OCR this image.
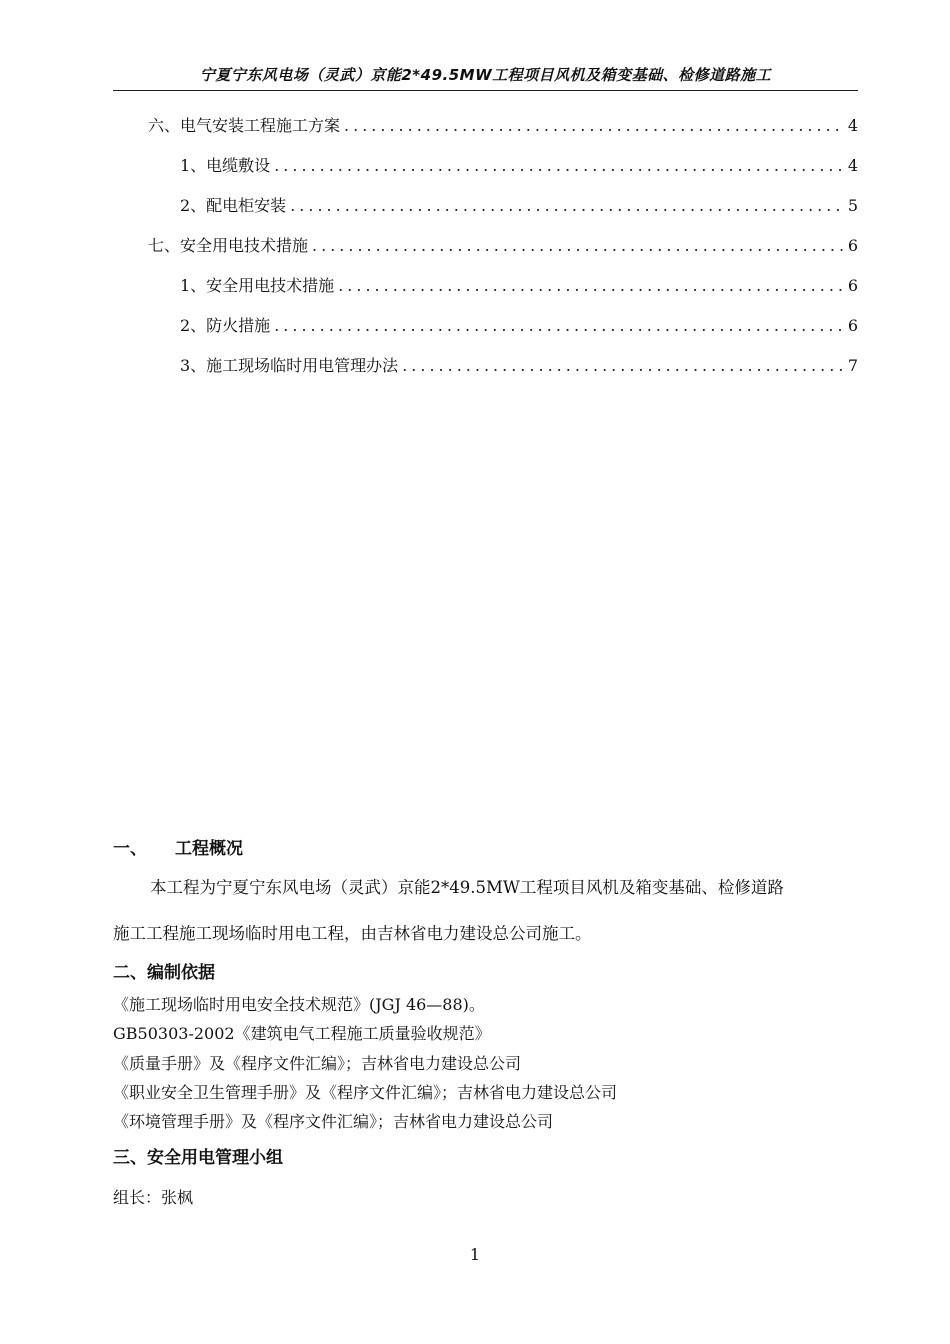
宁夏宁东风电场（灵武）京能2*49.5MW工程项目风机及箱变基础、检修道路施工
六、电气安装工程施工方案 .....	4
1、电缆敷设 .....	4
2、配电柜安装 .....	5
七、安全用电技术措施 .....	6
1、安全用电技术措施 .....	6
2、防火措施 .....	6
3、施工现场临时用电管理办法 .....	7
一、 工程概况
本工程为宁夏宁东风电场（灵武）京能2*49.5MW工程项目风机及箱变基础、检修道路
施工工程施工现场临时用电工程，由吉林省电力建设总公司施工。
二、编制依据
《施工现场临时用电安全技术规范》(JGJ 46—88)。
GB50303-2002《建筑电气工程施工质量验收规范》
《质量手册》及《程序文件汇编》；吉林省电力建设总公司
《职业安全卫生管理手册》及《程序文件汇编》；吉林省电力建设总公司
《环境管理手册》及《程序文件汇编》；吉林省电力建设总公司
三、安全用电管理小组
组长：张枫
1
